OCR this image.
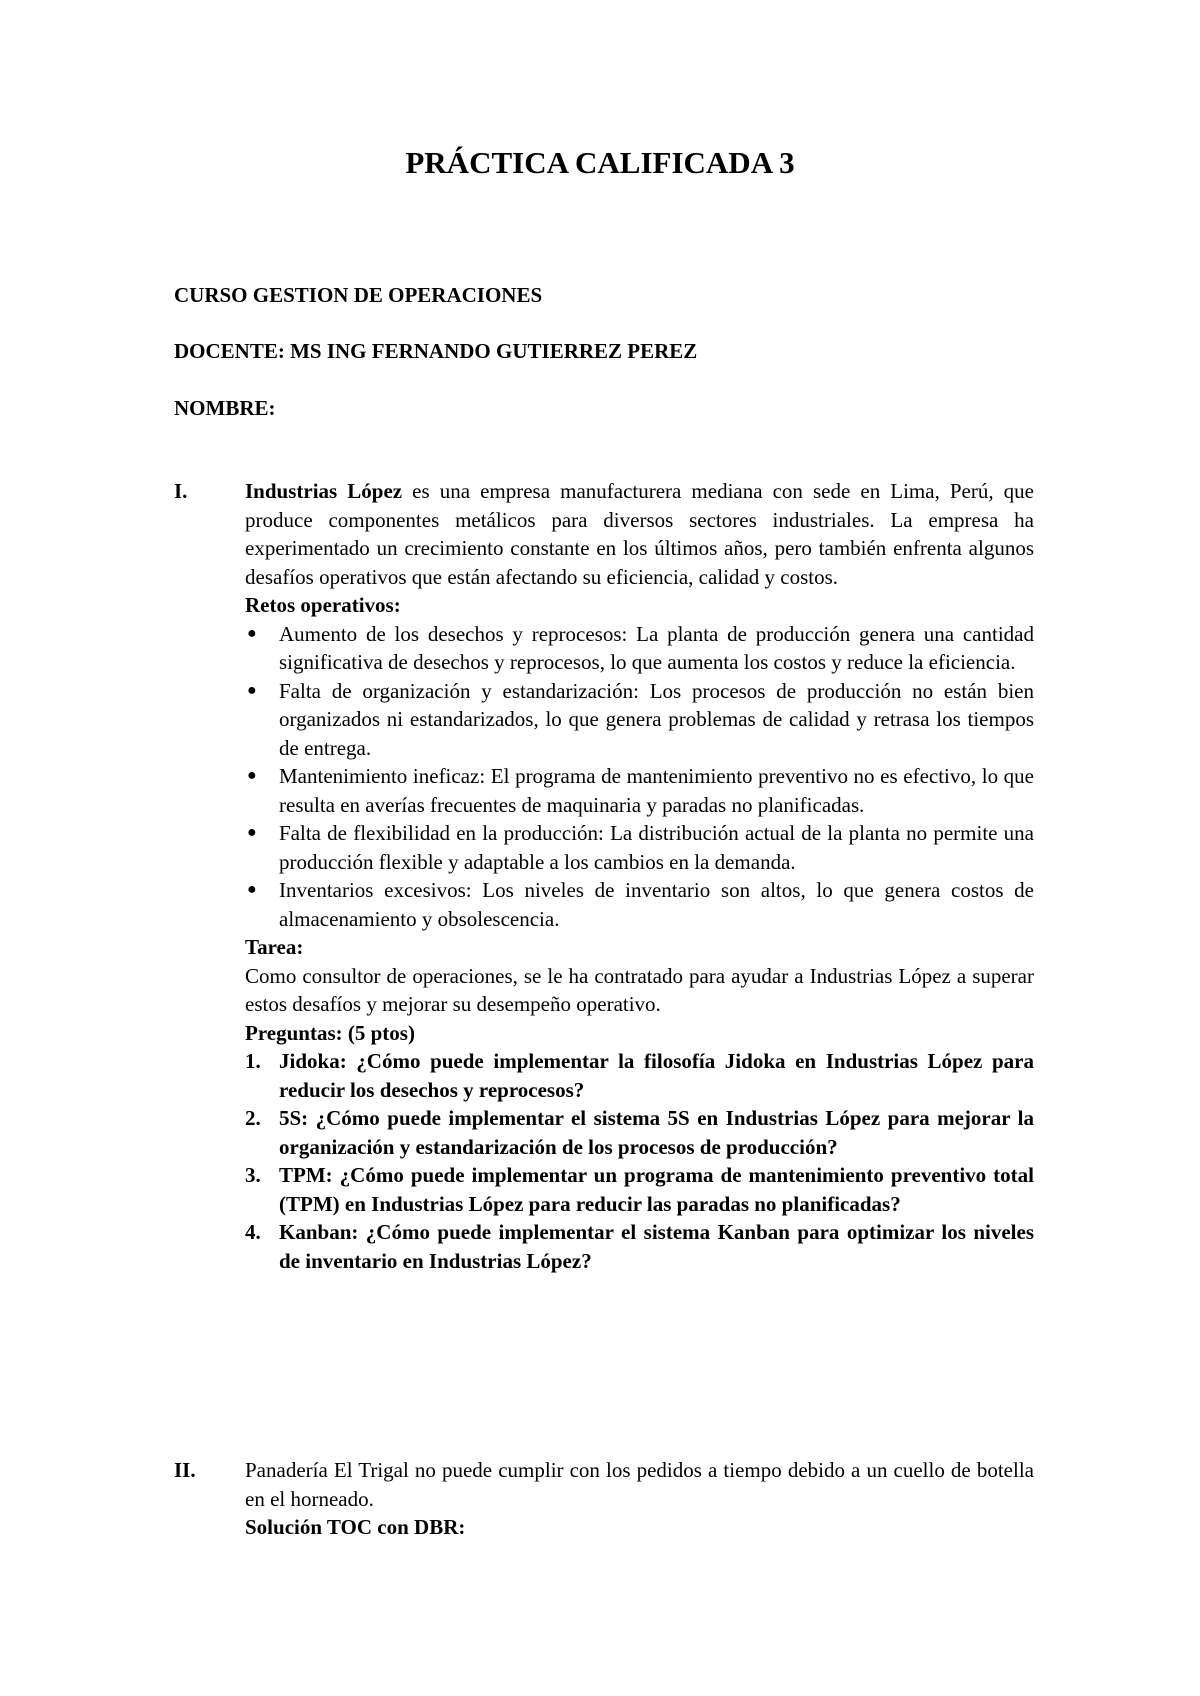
PRÁCTICA CALIFICADA 3
CURSO GESTION DE OPERACIONES
DOCENTE: MS ING FERNANDO GUTIERREZ PEREZ
NOMBRE:
I.	Industrias López es una empresa manufacturera mediana con sede en Lima, Perú, que produce componentes metálicos para diversos sectores industriales. La empresa ha experimentado un crecimiento constante en los últimos años, pero también enfrenta algunos desafíos operativos que están afectando su eficiencia, calidad y costos.

Retos operativos:

● Aumento de los desechos y reprocesos: La planta de producción genera una cantidad significativa de desechos y reprocesos, lo que aumenta los costos y reduce la eficiencia.
● Falta de organización y estandarización: Los procesos de producción no están bien organizados ni estandarizados, lo que genera problemas de calidad y retrasa los tiempos de entrega.
● Mantenimiento ineficaz: El programa de mantenimiento preventivo no es efectivo, lo que resulta en averías frecuentes de maquinaria y paradas no planificadas.
● Falta de flexibilidad en la producción: La distribución actual de la planta no permite una producción flexible y adaptable a los cambios en la demanda.
● Inventarios excesivos: Los niveles de inventario son altos, lo que genera costos de almacenamiento y obsolescencia.

Tarea:

Como consultor de operaciones, se le ha contratado para ayudar a Industrias López a superar estos desafíos y mejorar su desempeño operativo.

Preguntas: (5 ptos)

1. Jidoka: ¿Cómo puede implementar la filosofía Jidoka en Industrias López para reducir los desechos y reprocesos?
2. 5S: ¿Cómo puede implementar el sistema 5S en Industrias López para mejorar la organización y estandarización de los procesos de producción?
3. TPM: ¿Cómo puede implementar un programa de mantenimiento preventivo total (TPM) en Industrias López para reducir las paradas no planificadas?
4. Kanban: ¿Cómo puede implementar el sistema Kanban para optimizar los niveles de inventario en Industrias López?
II. Panadería El Trigal no puede cumplir con los pedidos a tiempo debido a un cuello de botella en el horneado.

Solución TOC con DBR:
